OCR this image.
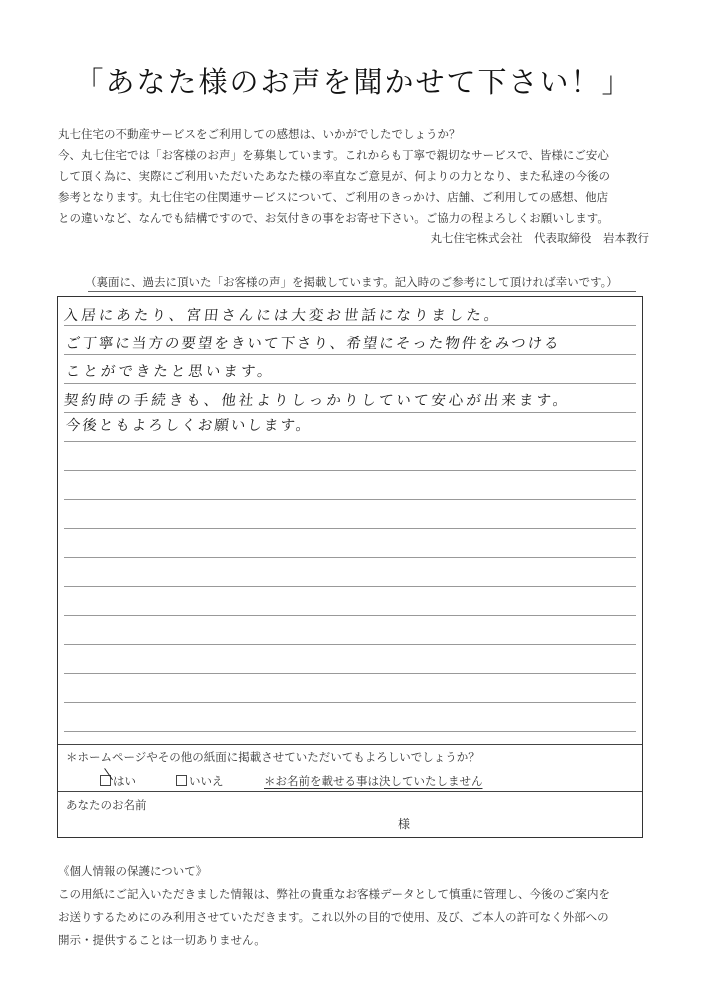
「あなた様のお声を聞かせて下さい！」
丸七住宅の不動産サービスをご利用しての感想は、いかがでしたでしょうか？
今、丸七住宅では「お客様のお声」を募集しています。これからも丁寧で親切なサービスで、皆様にご安心
して頂く為に、実際にご利用いただいたあなた様の率直なご意見が、何よりの力となり、また私達の今後の
参考となります。丸七住宅の住関連サービスについて、ご利用のきっかけ、店舗、ご利用しての感想、他店
との違いなど、なんでも結構ですので、お気付きの事をお寄せ下さい。ご協力の程よろしくお願いします。
丸七住宅株式会社　代表取締役　岩本教行
（裏面に、過去に頂いた「お客様の声」を掲載しています。記入時のご参考にして頂ければ幸いです。）
入居にあたり、宮田さんには大変お世話になりました。
ご丁寧に当方の要望をきいて下さり、希望にそった物件をみつける
ことができたと思います。
契約時の手続きも、他社よりしっかりしていて安心が出来ます。
今後ともよろしくお願いします。
＊ホームページやその他の紙面に掲載させていただいてもよろしいでしょうか？
はい	いいえ	＊お名前を載せる事は決していたしません
あなたのお名前
様
《個人情報の保護について》
この用紙にご記入いただきました情報は、弊社の貴重なお客様データとして慎重に管理し、今後のご案内を
お送りするためにのみ利用させていただきます。これ以外の目的で使用、及び、ご本人の許可なく外部への
開示・提供することは一切ありません。
